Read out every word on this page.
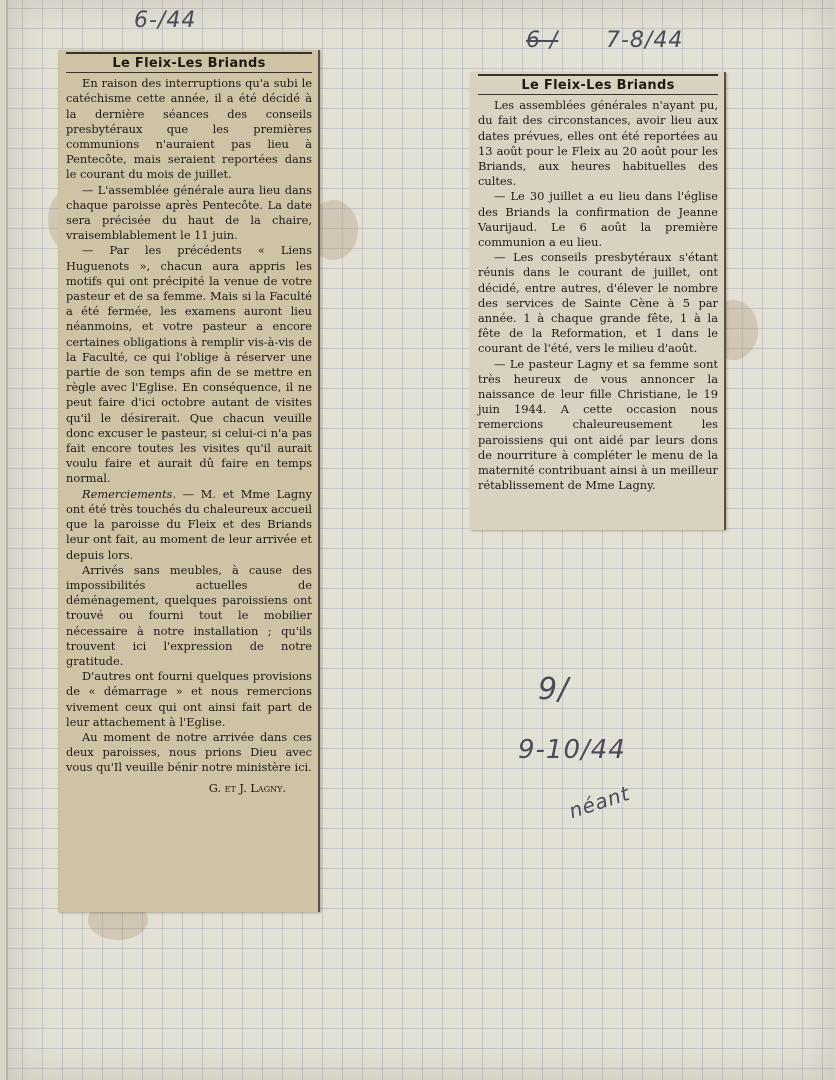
6-/44
6-/ 7-8/44
9/
9-10/44
néant

Le Fleix-Les Briands

En raison des interruptions qu'a subi le catéchisme cette année, il a été décidé à la dernière séances des conseils presbytéraux que les premières communions n'auraient pas lieu à Pentecôte, mais seraient reportées dans le courant du mois de juillet.

— L'assemblée générale aura lieu dans chaque paroisse après Pentecôte. La date sera précisée du haut de la chaire, vraisemblablement le 11 juin.

— Par les précédents « Liens Huguenots », chacun aura appris les motifs qui ont précipité la venue de votre pasteur et de sa femme. Mais si la Faculté a été fermée, les examens auront lieu néanmoins, et votre pasteur a encore certaines obligations à remplir vis-à-vis de la Faculté, ce qui l'oblige à réserver une partie de son temps afin de se mettre en règle avec l'Eglise. En conséquence, il ne peut faire d'ici octobre autant de visites qu'il le désirerait. Que chacun veuille donc excuser le pasteur, si celui-ci n'a pas fait encore toutes les visites qu'il aurait voulu faire et aurait dû faire en temps normal.

Remerciements. — M. et Mme Lagny ont été très touchés du chaleureux accueil que la paroisse du Fleix et des Briands leur ont fait, au moment de leur arrivée et depuis lors.

Arrivés sans meubles, à cause des impossibilités actuelles de déménagement, quelques paroissiens ont trouvé ou fourni tout le mobilier nécessaire à notre installation ; qu'ils trouvent ici l'expression de notre gratitude.

D'autres ont fourni quelques provisions de « démarrage » et nous remercions vivement ceux qui ont ainsi fait part de leur attachement à l'Eglise.

Au moment de notre arrivée dans ces deux paroisses, nous prions Dieu avec vous qu'Il veuille bénir notre ministère ici.

G. et J. Lagny.

Le Fleix-Les Briands

Les assemblées générales n'ayant pu, du fait des circonstances, avoir lieu aux dates prévues, elles ont été reportées au 13 août pour le Fleix au 20 août pour les Briands, aux heures habituelles des cultes.

— Le 30 juillet a eu lieu dans l'église des Briands la confirmation de Jeanne Vaurijaud. Le 6 août la première communion a eu lieu.

— Les conseils presbytéraux s'étant réunis dans le courant de juillet, ont décidé, entre autres, d'élever le nombre des services de Sainte Cène à 5 par année. 1 à chaque grande fête, 1 à la fête de la Reformation, et 1 dans le courant de l'été, vers le milieu d'août.

— Le pasteur Lagny et sa femme sont très heureux de vous annoncer la naissance de leur fille Christiane, le 19 juin 1944. A cette occasion nous remercions chaleureusement les paroissiens qui ont aidé par leurs dons de nourriture à compléter le menu de la maternité contribuant ainsi à un meilleur rétablissement de Mme Lagny.
